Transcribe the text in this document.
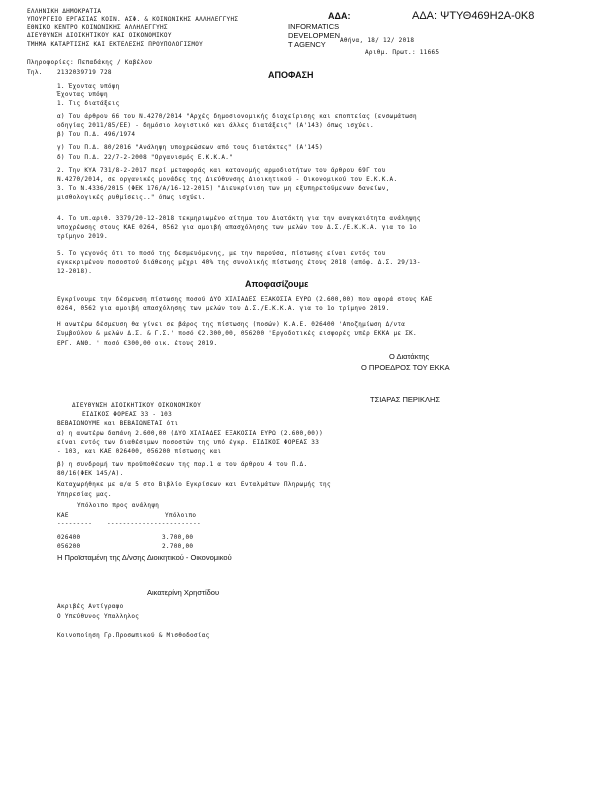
ΕΛΛΗΝΙΚΗ ΔΗΜΟΚΡΑΤΙΑ
ΥΠΟΥΡΓΕΙΟ ΕΡΓΑΣΙΑΣ ΚΟΙΝ. ΑΣΦ. & ΚΟΙΝΩΝΙΚΗΣ ΑΛΛΗΛΕΓΓΥΗΣ
ΕΘΝΙΚΟ ΚΕΝΤΡΟ ΚΟΙΝΩΝΙΚΗΣ ΑΛΛΗΛΕΓΓΥΗΣ
ΔΙΕΥΘΥΝΣΗ ΔΙΟΙΚΗΤΙΚΟΥ ΚΑΙ ΟΙΚΟΝΟΜΙΚΟΥ
ΤΜΗΜΑ ΚΑΤΑΡΤΙΣΗΣ ΚΑΙ ΕΚΤΕΛΕΣΗΣ ΠΡΟΥΠΟΛΟΓΙΣΜΟΥ
Πληροφορίες: Πεπαδάκης / Καβέλου
Τηλ. 2132039719 728
ΑΔΑ:	ΑΔΑ: ΨΤΥΘ469Η2Α-0Κ8
INFORMATICS
DEVELOPMEN
T AGENCY Αθήνα, 18/ 12/ 2018
Αριθμ. Πρωτ.: 11665
ΑΠΟΦΑΣΗ
1. Έχοντας υπόψη
Έχοντας υπόψη
1. Τις διατάξεις
α) Του άρθρου 66 του Ν.4270/2014 "Αρχές δημοσιονομικής διαχείρισης και εποπτείας (ενσωμάτωση
οδηγίας 2011/85/ΕΕ) - δημόσιο λογιστικό και άλλες διατάξεις" (Α'143) όπως ισχύει.
β) Του Π.Δ. 496/1974
γ) Του Π.Δ. 80/2016 "Ανάληψη υποχρεώσεων από τους διατάκτες" (Α'145)
δ) Του Π.Δ. 22/7-2-2008 "Οργανισμός Ε.Κ.Κ.Α."
2. Την ΚΥΑ 731/8-2-2017 περί μεταφοράς και κατανομής αρμοδιοτήτων του άρθρου 69Γ του
Ν.4270/2014, σε οργανικές μονάδες της Διεύθυνσης Διοικητικού - Οικονομικού του Ε.Κ.Κ.Α.
3. Το Ν.4336/2015 (ΦΕΚ 176/Α/16-12-2015) "Διευκρίνιση των μη εξυπηρετούμενων δανείων,
μισθολογικές ρυθμίσεις.." όπως ισχύει.
4. Το υπ.αριθ. 3379/20-12-2018 τεκμηριωμένο αίτημα του Διατάκτη για την αναγκαιότητα ανάληψης
υποχρέωσης στους ΚΑΕ 0264, 0562 για αμοιβή απασχόλησης των μελών του Δ.Σ./Ε.Κ.Κ.Α. για το 1ο
τρίμηνο 2019.
5. Το γεγονός ότι το ποσό της δεσμευόμενης, με την παρούσα, πίστωσης είναι εντός του
εγκεκριμένου ποσοστού διάθεσης μέχρι 40% της συνολικής πίστωσης έτους 2018 (απόφ. Δ.Σ. 29/13-
12-2018).
Αποφασίζουμε
Εγκρίνουμε την δέσμευση πίστωσης ποσού ΔΥΟ ΧΙΛΙΑΔΕΣ ΕΞΑΚΟΣΙΑ ΕΥΡΩ (2.600,00) που αφορά στους ΚΑΕ
0264, 0562 για αμοιβή απασχόλησης των μελών του Δ.Σ./Ε.Κ.Κ.Α. για το 1ο τρίμηνο 2019.
Η ανωτέρω δέσμευση θα γίνει σε βάρος της πίστωσης (ποσών) Κ.Α.Ε. 026400 'Αποζημίωση Δ/ντα
Συμβούλου & μελών Δ.Σ. & Γ.Σ.' ποσό €2.300,00, 056200 'Εργοδοτικές εισφορές υπέρ ΕΚΚΑ με ΣΚ.
ΕΡΓ. ΑΝΘ. ' ποσό €300,00 οικ. έτους 2019.
Ο Διατάκτης
Ο ΠΡΟΕΔΡΟΣ ΤΟΥ ΕΚΚΑ
ΤΣΙΑΡΑΣ ΠΕΡΙΚΛΗΣ
ΔΙΕΥΘΥΝΣΗ ΔΙΟΙΚΗΤΙΚΟΥ ΟΙΚΟΝΟΜΙΚΟΥ
ΕΙΔΙΚΟΣ ΦΟΡΕΑΣ 33 - 103
ΒΕΒΑΙΩΝΟΥΜΕ και ΒΕΒΑΙΩΝΕΤΑΙ ότι
α) η ανωτέρω δαπάνη 2.600,00 (ΔΥΟ ΧΙΛΙΑΔΕΣ ΕΞΑΚΟΣΙΑ ΕΥΡΩ (2.600,00))
είναι εντός των διαθέσιμων ποσοστών της υπό έγκρ. ΕΙΔΙΚΟΣ ΦΟΡΕΑΣ 33
- 103, και ΚΑΕ 026400, 056200 πίστωσης και
β) η συνδρομή των προϋποθέσεων της παρ.1 α του άρθρου 4 του Π.Δ.
80/16(ΦΕΚ 145/Α).
Καταχωρήθηκε με α/α 5 στο Βιβλίο Εγκρίσεων και Ενταλμάτων Πληρωμής της
Υπηρεσίας μας.
Υπόλοιπο προς ανάληψη
ΚΑΕ	Υπόλοιπο
--------- ------------------------
026400	3.700,00
056200	2.700,00
Η Προϊσταμένη της Δ/νσης Διοικητικού - Οικονομικού
Αικατερίνη Χρηστίδου
Ακριβές Αντίγραφο
Ο Υπεύθυνος Υπαλληλος
Κοινοποίηση Γρ.Προσωπικού & Μισθοδοσίας
